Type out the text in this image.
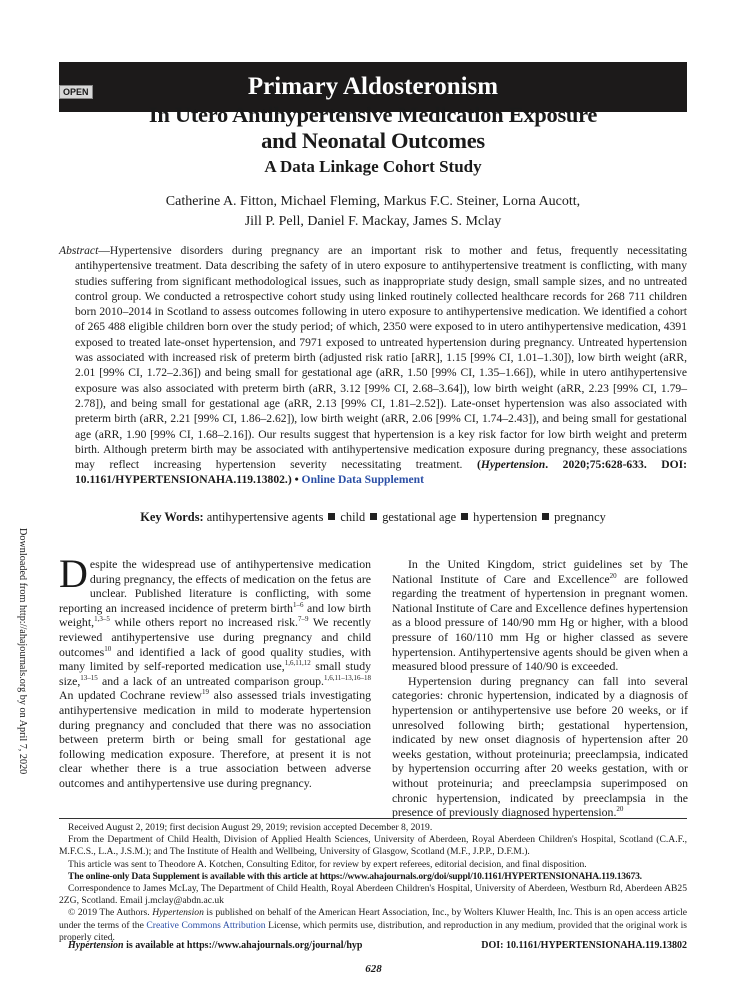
Primary Aldosteronism
OPEN
In Utero Antihypertensive Medication Exposure
and Neonatal Outcomes
A Data Linkage Cohort Study
Catherine A. Fitton, Michael Fleming, Markus F.C. Steiner, Lorna Aucott,
Jill P. Pell, Daniel F. Mackay, James S. Mclay
Abstract—Hypertensive disorders during pregnancy are an important risk to mother and fetus, frequently necessitating antihypertensive treatment. Data describing the safety of in utero exposure to antihypertensive treatment is conflicting, with many studies suffering from significant methodological issues, such as inappropriate study design, small sample sizes, and no untreated control group. We conducted a retrospective cohort study using linked routinely collected healthcare records for 268 711 children born 2010–2014 in Scotland to assess outcomes following in utero exposure to antihypertensive medication. We identified a cohort of 265 488 eligible children born over the study period; of which, 2350 were exposed to in utero antihypertensive medication, 4391 exposed to treated late-onset hypertension, and 7971 exposed to untreated hypertension during pregnancy. Untreated hypertension was associated with increased risk of preterm birth (adjusted risk ratio [aRR], 1.15 [99% CI, 1.01–1.30]), low birth weight (aRR, 2.01 [99% CI, 1.72–2.36]) and being small for gestational age (aRR, 1.50 [99% CI, 1.35–1.66]), while in utero antihypertensive exposure was also associated with preterm birth (aRR, 3.12 [99% CI, 2.68–3.64]), low birth weight (aRR, 2.23 [99% CI, 1.79–2.78]), and being small for gestational age (aRR, 2.13 [99% CI, 1.81–2.52]). Late-onset hypertension was also associated with preterm birth (aRR, 2.21 [99% CI, 1.86–2.62]), low birth weight (aRR, 2.06 [99% CI, 1.74–2.43]), and being small for gestational age (aRR, 1.90 [99% CI, 1.68–2.16]). Our results suggest that hypertension is a key risk factor for low birth weight and preterm birth. Although preterm birth may be associated with antihypertensive medication exposure during pregnancy, these associations may reflect increasing hypertension severity necessitating treatment. (Hypertension. 2020;75:628-633. DOI: 10.1161/HYPERTENSIONAHA.119.13802.) • Online Data Supplement
Key Words: antihypertensive agents child gestational age hypertension pregnancy

Despite the widespread use of antihypertensive medication during pregnancy, the effects of medication on the fetus are unclear. Published literature is conflicting, with some reporting an increased incidence of preterm birth$^{1-6}$ and low birth weight,$^{1,3-5}$ while others report no increased risk.$^{7-9}$ We recently reviewed antihypertensive use during pregnancy and child outcomes$^{10}$ and identified a lack of good quality studies, with many limited by self-reported medication use,$^{1,6,11,12}$ small study size,$^{13-15}$ and a lack of an untreated comparison group.$^{1,6,11-13,16-18}$ An updated Cochrane review$^{19}$ also assessed trials investigating antihypertensive medication in mild to moderate hypertension during pregnancy and concluded that there was no association between preterm birth or being small for gestational age following medication exposure. Therefore, at present it is not clear whether there is a true association between adverse outcomes and antihypertensive use during pregnancy.

In the United Kingdom, strict guidelines set by The National Institute of Care and Excellence$^{20}$ are followed regarding the treatment of hypertension in pregnant women. National Institute of Care and Excellence defines hypertension as a blood pressure of 140/90 mm Hg or higher, with a blood pressure of 160/110 mm Hg or higher classed as severe hypertension. Antihypertensive agents should be given when a measured blood pressure of 140/90 is exceeded.

Hypertension during pregnancy can fall into several categories: chronic hypertension, indicated by a diagnosis of hypertension or antihypertensive use before 20 weeks, or if unresolved following birth; gestational hypertension, indicated by new onset diagnosis of hypertension after 20 weeks gestation, without proteinuria; preeclampsia, indicated by hypertension occurring after 20 weeks gestation, with or without proteinuria; and preeclampsia superimposed on chronic hypertension, indicated by preeclampsia in the presence of previously diagnosed hypertension.$^{20}$

Received August 2, 2019; first decision August 29, 2019; revision accepted December 8, 2019.

From the Department of Child Health, Division of Applied Health Sciences, University of Aberdeen, Royal Aberdeen Children's Hospital, Scotland (C.A.F., M.F.C.S., L.A., J.S.M.); and The Institute of Health and Wellbeing, University of Glasgow, Scotland (M.F., J.P.P., D.F.M.).

This article was sent to Theodore A. Kotchen, Consulting Editor, for review by expert referees, editorial decision, and final disposition.

The online-only Data Supplement is available with this article at https://www.ahajournals.org/doi/suppl/10.1161/HYPERTENSIONAHA.119.13673.

Correspondence to James McLay, The Department of Child Health, Royal Aberdeen Children's Hospital, University of Aberdeen, Westburn Rd, Aberdeen AB25 2ZG, Scotland. Email j.mclay@abdn.ac.uk

© 2019 The Authors. Hypertension is published on behalf of the American Heart Association, Inc., by Wolters Kluwer Health, Inc. This is an open access article under the terms of the Creative Commons Attribution License, which permits use, distribution, and reproduction in any medium, provided that the original work is properly cited.

Hypertension is available at https://www.ahajournals.org/journal/hyp	DOI: 10.1161/HYPERTENSIONAHA.119.13802
628
Downloaded from http://ahajournals.org by on April 7, 2020
